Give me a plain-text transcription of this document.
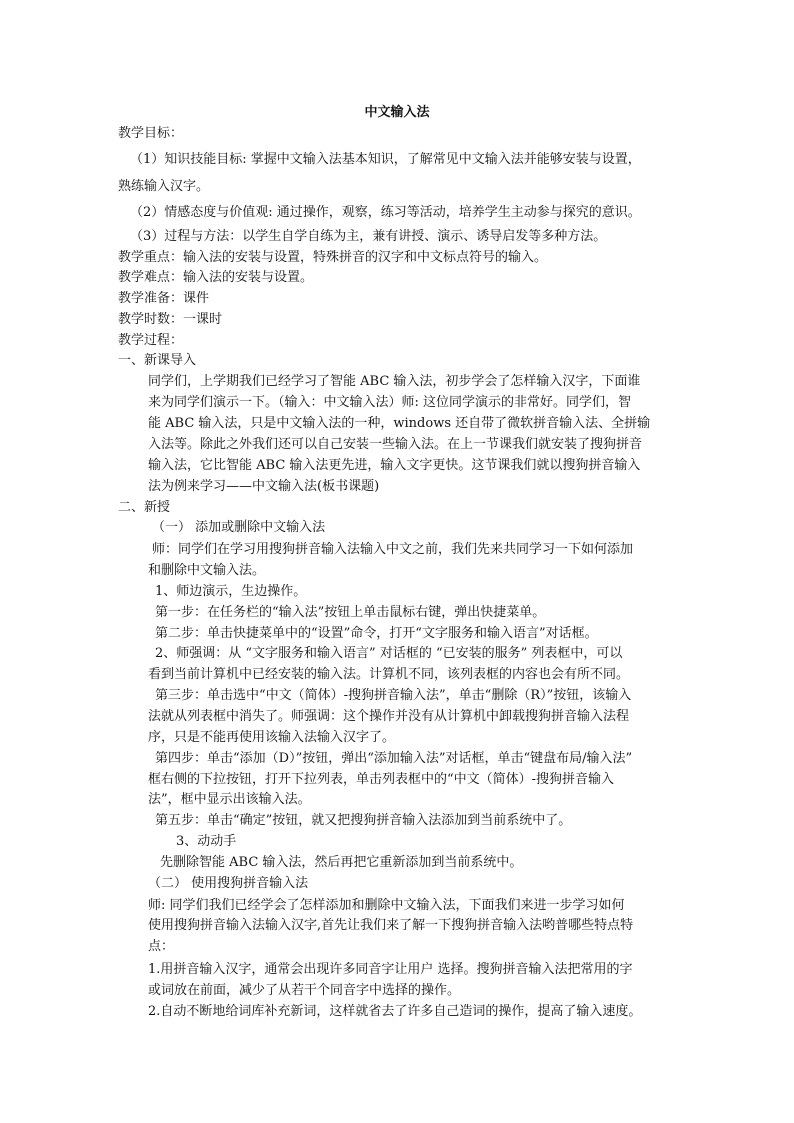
中文输入法
教学目标：
（1）知识技能目标: 掌握中文输入法基本知识，了解常见中文输入法并能够安装与设置，
熟练输入汉字。
（2）情感态度与价值观: 通过操作，观察，练习等活动，培养学生主动参与探究的意识。
（3）过程与方法：以学生自学自练为主，兼有讲授、演示、诱导启发等多种方法。
教学重点：输入法的安装与设置，特殊拼音的汉字和中文标点符号的输入。
教学难点：输入法的安装与设置。
教学准备：课件
教学时数：一课时
教学过程：
一、新课导入
同学们，上学期我们已经学习了智能 ABC 输入法，初步学会了怎样输入汉字，下面谁
来为同学们演示一下。（输入：中文输入法）师: 这位同学演示的非常好。同学们，智
能 ABC 输入法，只是中文输入法的一种，windows 还自带了微软拼音输入法、全拼输
入法等。除此之外我们还可以自己安装一些输入法。在上一节课我们就安装了搜狗拼音
输入法，它比智能 ABC 输入法更先进，输入文字更快。这节课我们就以搜狗拼音输入
法为例来学习——中文输入法(板书课题)
二、新授
（一） 添加或删除中文输入法
师：同学们在学习用搜狗拼音输入法输入中文之前，我们先来共同学习一下如何添加
和删除中文输入法。
1、师边演示，生边操作。
第一步：在任务栏的“输入法”按钮上单击鼠标右键，弹出快捷菜单。
第二步：单击快捷菜单中的“设置”命令，打开“文字服务和输入语言”对话框。
2、师强调：从 “文字服务和输入语言” 对话框的 “已安装的服务” 列表框中，可以
看到当前计算机中已经安装的输入法。计算机不同，该列表框的内容也会有所不同。
第三步：单击选中“中文（简体）-搜狗拼音输入法”，单击“删除（R）”按钮，该输入
法就从列表框中消失了。师强调：这个操作并没有从计算机中卸载搜狗拼音输入法程
序，只是不能再使用该输入法输入汉字了。
第四步：单击“添加（D）”按钮，弹出“添加输入法”对话框，单击“键盘布局/输入法”
框右侧的下拉按钮，打开下拉列表，单击列表框中的“中文（简体）-搜狗拼音输入
法”，框中显示出该输入法。
第五步：单击“确定”按钮，就又把搜狗拼音输入法添加到当前系统中了。
3、动动手
先删除智能 ABC 输入法，然后再把它重新添加到当前系统中。
（二） 使用搜狗拼音输入法
师: 同学们我们已经学会了怎样添加和删除中文输入法，下面我们来进一步学习如何
使用搜狗拼音输入法输入汉字,首先让我们来了解一下搜狗拼音输入法哟普哪些特点特
点：
1.用拼音输入汉字，通常会出现许多同音字让用户 选择。搜狗拼音输入法把常用的字
或词放在前面，减少了从若干个同音字中选择的操作。
2.自动不断地给词库补充新词，这样就省去了许多自己造词的操作，提高了输入速度。
